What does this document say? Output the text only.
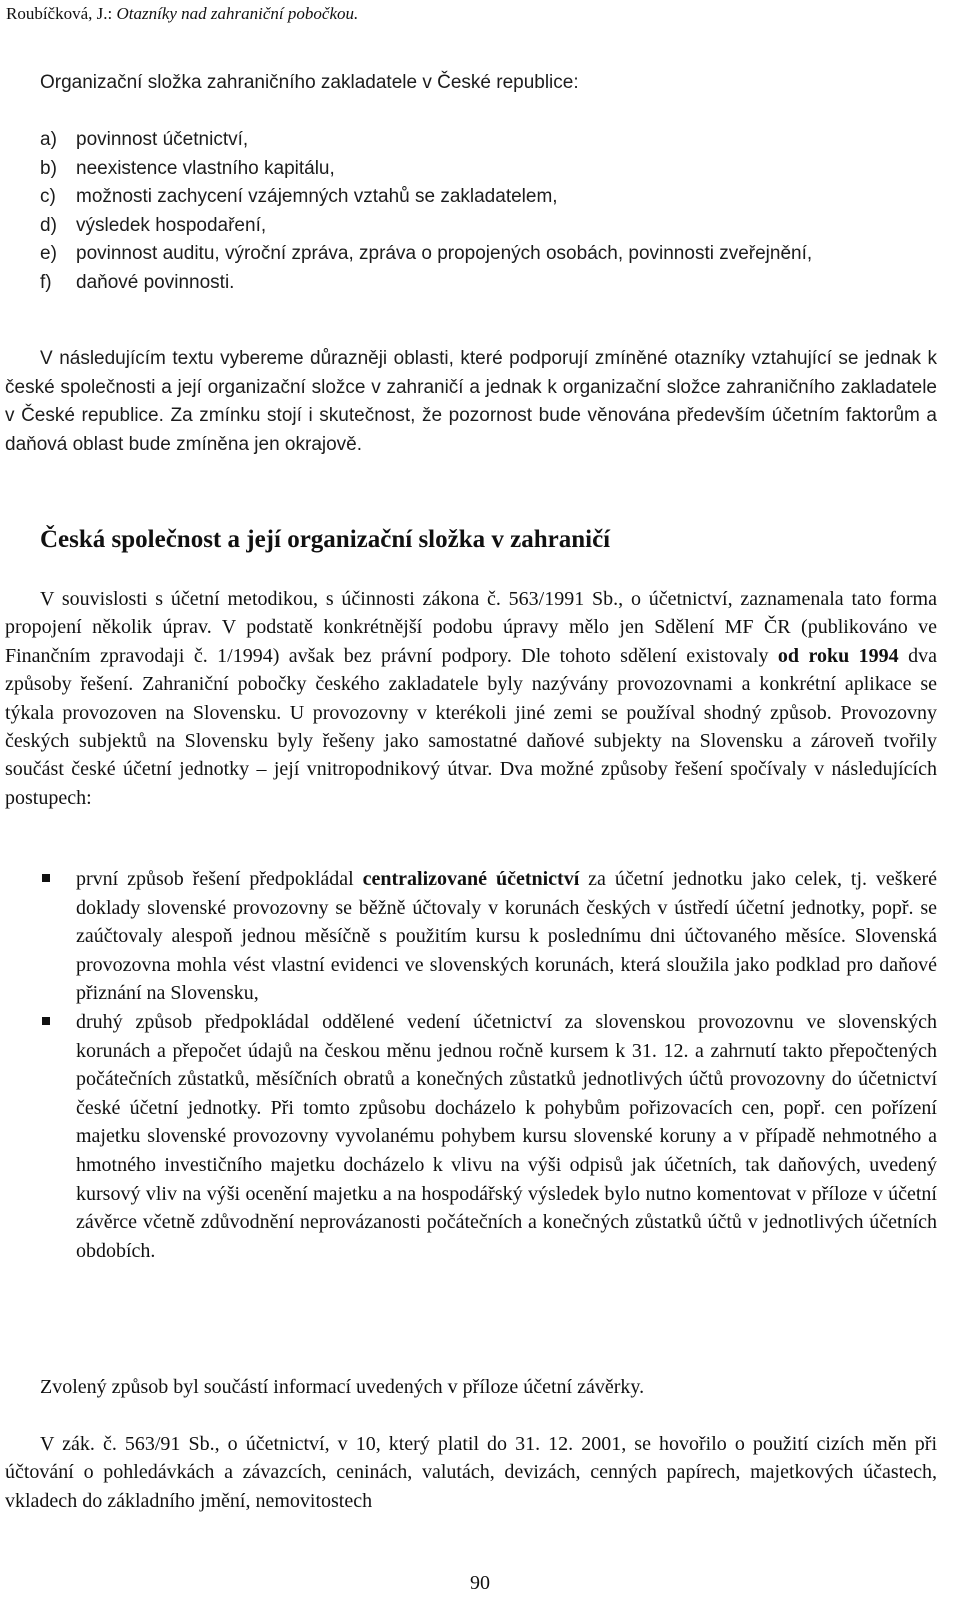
Roubíčková, J.: Otazníky nad zahraniční pobočkou.
Organizační složka zahraničního zakladatele v České republice:
a)	povinnost účetnictví,
b)	neexistence vlastního kapitálu,
c)	možnosti zachycení vzájemných vztahů se zakladatelem,
d)	výsledek hospodaření,
e)	povinnost auditu, výroční zpráva, zpráva o propojených osobách, povinnosti zveřejnění,
f)	daňové povinnosti.

V následujícím textu vybereme důrazněji oblasti, které podporují zmíněné otazníky vztahující se jednak k české společnosti a její organizační složce v zahraničí a jednak k organizační složce zahraničního zakladatele v České republice. Za zmínku stojí i skutečnost, že pozornost bude věnována především účetním faktorům a daňová oblast bude zmíněna jen okrajově.

Česká společnost a její organizační složka v zahraničí

V souvislosti s účetní metodikou, s účinnosti zákona č. 563/1991 Sb., o účetnictví, zaznamenala tato forma propojení několik úprav. V podstatě konkrétnější podobu úpravy mělo jen Sdělení MF ČR (publikováno ve Finančním zpravodaji č. 1/1994) avšak bez právní podpory. Dle tohoto sdělení existovaly od roku 1994 dva způsoby řešení. Zahraniční pobočky českého zakladatele byly nazývány provozovnami a konkrétní aplikace se týkala provozoven na Slovensku. U provozovny v kterékoli jiné zemi se používal shodný způsob. Provozovny českých subjektů na Slovensku byly řešeny jako samostatné daňové subjekty na Slovensku a zároveň tvořily součást české účetní jednotky – její vnitropodnikový útvar. Dva možné způsoby řešení spočívaly v následujících postupech:

první způsob řešení předpokládal centralizované účetnictví za účetní jednotku jako celek, tj. veškeré doklady slovenské provozovny se běžně účtovaly v korunách českých v ústředí účetní jednotky, popř. se zaúčtovaly alespoň jednou měsíčně s použitím kursu k poslednímu dni účtovaného měsíce. Slovenská provozovna mohla vést vlastní evidenci ve slovenských korunách, která sloužila jako podklad pro daňové přiznání na Slovensku,
druhý způsob předpokládal oddělené vedení účetnictví za slovenskou provozovnu ve slovenských korunách a přepočet údajů na českou měnu jednou ročně kursem k 31. 12. a zahrnutí takto přepočtených počátečních zůstatků, měsíčních obratů a konečných zůstatků jednotlivých účtů provozovny do účetnictví české účetní jednotky. Při tomto způsobu docházelo k pohybům pořizovacích cen, popř. cen pořízení majetku slovenské provozovny vyvolanému pohybem kursu slovenské koruny a v případě nehmotného a hmotného investičního majetku docházelo k vlivu na výši odpisů jak účetních, tak daňových, uvedený kursový vliv na výši ocenění majetku a na hospodářský výsledek bylo nutno komentovat v příloze v účetní závěrce včetně zdůvodnění neprovázanosti počátečních a konečných zůstatků účtů v jednotlivých účetních obdobích.

Zvolený způsob byl součástí informací uvedených v příloze účetní závěrky.

V zák. č. 563/91 Sb., o účetnictví, v 10, který platil do 31. 12. 2001, se hovořilo o použití cizích měn při účtování o pohledávkách a závazcích, ceninách, valutách, devizách, cenných papírech, majetkových účastech, vkladech do základního jmění, nemovitostech

90
